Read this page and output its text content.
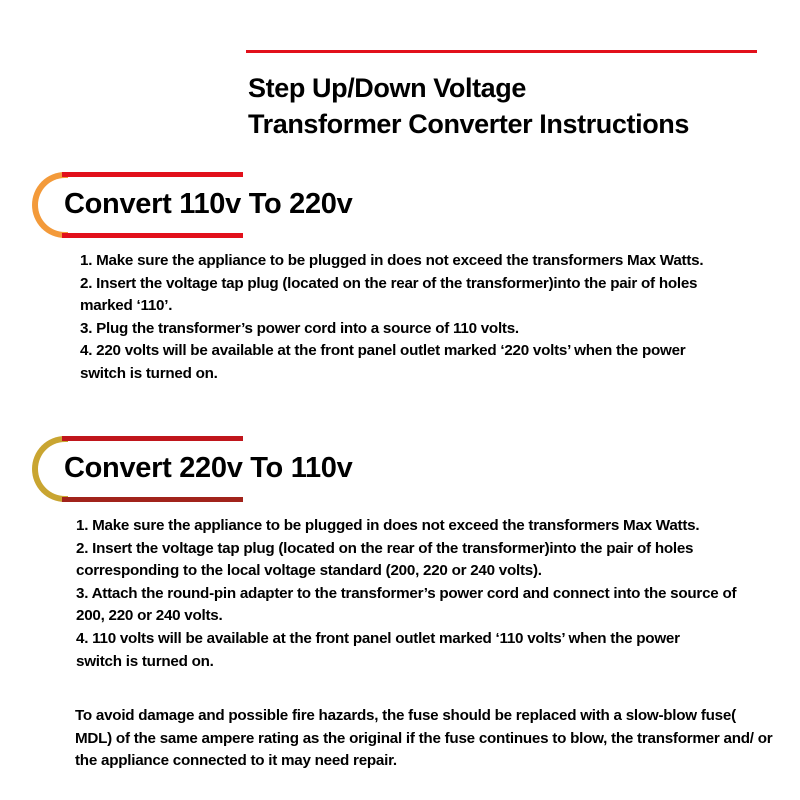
Step Up/Down Voltage
Transformer Converter Instructions
Convert 110v To 220v

1. Make sure the appliance to be plugged in does not exceed the transformers Max Watts.

2. Insert the voltage tap plug (located on the rear of the transformer)into the pair of holes marked ‘110’.

3. Plug the transformer’s power cord into a source of 110 volts.

4. 220 volts will be available at the front panel outlet marked ‘220 volts’ when the power switch is turned on.

Convert 220v To 110v

1. Make sure the appliance to be plugged in does not exceed the transformers Max Watts.

2. Insert the voltage tap plug (located on the rear of the transformer)into the pair of holes corresponding to the local voltage standard (200, 220 or 240 volts).

3. Attach the round-pin adapter to the transformer’s power cord and connect into the source of 200, 220 or 240 volts.

4. 110 volts will be available at the front panel outlet marked ‘110 volts’ when the power switch is turned on.

To avoid damage and possible fire hazards, the fuse should be replaced with a slow-blow fuse( MDL) of the same ampere rating as the original if the fuse continues to blow, the transformer and/ or the appliance connected to it may need repair.
